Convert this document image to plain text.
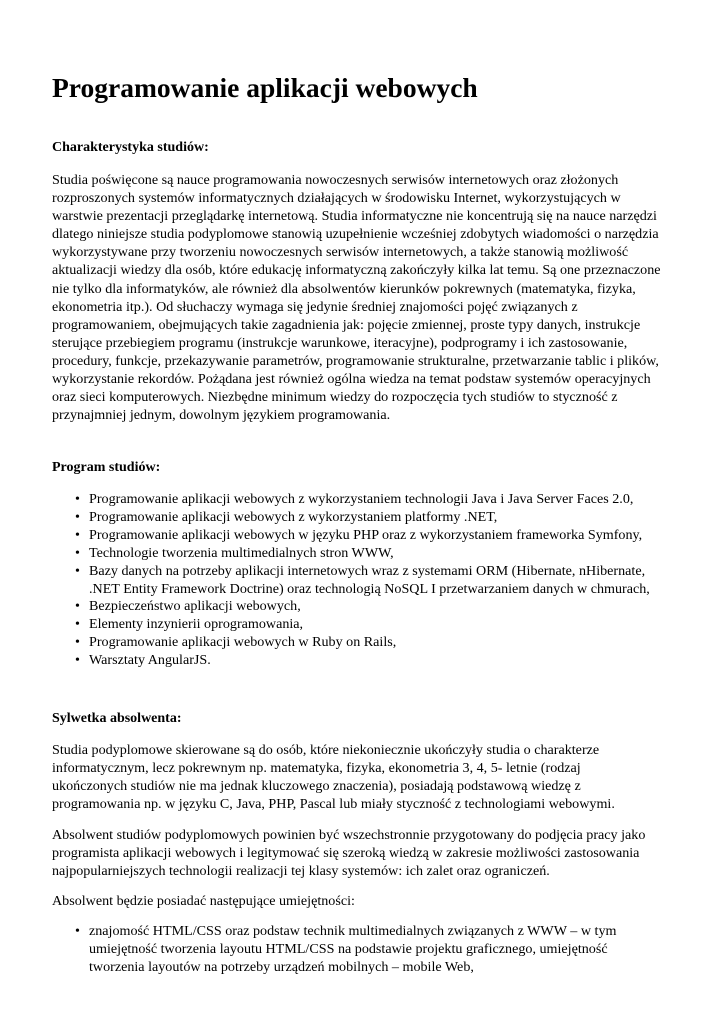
Programowanie aplikacji webowych
Charakterystyka studiów:
Studia poświęcone są nauce programowania nowoczesnych serwisów internetowych oraz złożonych
rozproszonych systemów informatycznych działających w środowisku Internet, wykorzystujących w
warstwie prezentacji przeglądarkę internetową. Studia informatyczne nie koncentrują się na nauce narzędzi
dlatego niniejsze studia podyplomowe stanowią uzupełnienie wcześniej zdobytych wiadomości o narzędzia
wykorzystywane przy tworzeniu nowoczesnych serwisów internetowych, a także stanowią możliwość
aktualizacji wiedzy dla osób, które edukację informatyczną zakończyły kilka lat temu. Są one przeznaczone
nie tylko dla informatyków, ale również dla absolwentów kierunków pokrewnych (matematyka, fizyka,
ekonometria itp.). Od słuchaczy wymaga się jedynie średniej znajomości pojęć związanych z
programowaniem, obejmujących takie zagadnienia jak: pojęcie zmiennej, proste typy danych, instrukcje
sterujące przebiegiem programu (instrukcje warunkowe, iteracyjne), podprogramy i ich zastosowanie,
procedury, funkcje, przekazywanie parametrów, programowanie strukturalne, przetwarzanie tablic i plików,
wykorzystanie rekordów. Pożądana jest również ogólna wiedza na temat podstaw systemów operacyjnych
oraz sieci komputerowych. Niezbędne minimum wiedzy do rozpoczęcia tych studiów to styczność z
przynajmniej jednym, dowolnym językiem programowania.
Program studiów:
• Programowanie aplikacji webowych z wykorzystaniem technologii Java i Java Server Faces 2.0,
• Programowanie aplikacji webowych z wykorzystaniem platformy .NET,
• Programowanie aplikacji webowych w języku PHP oraz z wykorzystaniem frameworka Symfony,
• Technologie tworzenia multimedialnych stron WWW,
• Bazy danych na potrzeby aplikacji internetowych wraz z systemami ORM (Hibernate, nHibernate,
.NET Entity Framework Doctrine) oraz technologią NoSQL I przetwarzaniem danych w chmurach,
• Bezpieczeństwo aplikacji webowych,
• Elementy inzynierii oprogramowania,
• Programowanie aplikacji webowych w Ruby on Rails,
• Warsztaty AngularJS.
Sylwetka absolwenta:
Studia podyplomowe skierowane są do osób, które niekoniecznie ukończyły studia o charakterze
informatycznym, lecz pokrewnym np. matematyka, fizyka, ekonometria 3, 4, 5- letnie (rodzaj
ukończonych studiów nie ma jednak kluczowego znaczenia), posiadają podstawową wiedzę z
programowania np. w języku C, Java, PHP, Pascal lub miały styczność z technologiami webowymi.
Absolwent studiów podyplomowych powinien być wszechstronnie przygotowany do podjęcia pracy jako
programista aplikacji webowych i legitymować się szeroką wiedzą w zakresie możliwości zastosowania
najpopularniejszych technologii realizacji tej klasy systemów: ich zalet oraz ograniczeń.
Absolwent będzie posiadać następujące umiejętności:
• znajomość HTML/CSS oraz podstaw technik multimedialnych związanych z WWW – w tym
umiejętność tworzenia layoutu HTML/CSS na podstawie projektu graficznego, umiejętność
tworzenia layoutów na potrzeby urządzeń mobilnych – mobile Web,
